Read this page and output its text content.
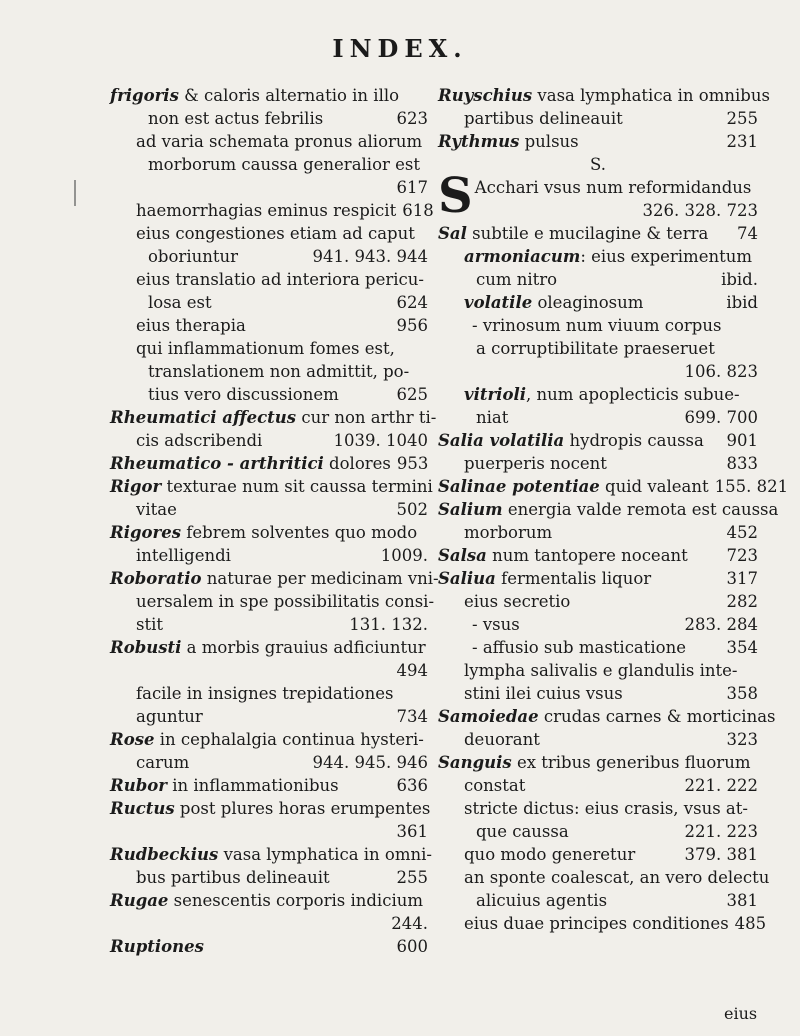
INDEX.
frigoris & caloris alternatio in illo
non est actus febrilis	623
ad varia schemata pronus aliorum
morborum caussa generalior est
617
haemorrhagias eminus respicit 618
eius congestiones etiam ad caput
oboriuntur	941. 943. 944
eius translatio ad interiora pericu-
losa est	624
eius therapia	956
qui inflammationum fomes est,
translationem non admittit, po-
tius vero discussionem	625
Rheumatici affectus cur non arthr ti-
cis adscribendi	1039. 1040
Rheumatico - arthritici dolores 953
Rigor texturae num sit caussa termini
vitae	502
Rigores febrem solventes quo modo
intelligendi	1009.
Roboratio naturae per medicinam vni-
uersalem in spe possibilitatis consi-
stit	131. 132.
Robusti a morbis grauius adficiuntur
494
facile in insignes trepidationes
aguntur	734
Rose in cephalalgia continua hysteri-
carum	944. 945. 946
Rubor in inflammationibus	636
Ructus post plures horas erumpentes
361
Rudbeckius vasa lymphatica in omni-
bus partibus delineauit	255
Rugae senescentis corporis indicium
244.
Ruptiones	600
Ruyschius vasa lymphatica in omnibus
partibus delineauit	255
Rythmus pulsus	231
S.
S Acchari vsus num reformidandus
326. 328. 723
Sal subtile e mucilagine & terra	74
armoniacum: eius experimentum
cum nitro	ibid.
volatile oleaginosum	ibid
- vrinosum num viuum corpus
a corruptibilitate praeseruet
106. 823
vitrioli, num apoplecticis subue-
niat	699. 700
Salia volatilia hydropis caussa	901
puerperis nocent	833
Salinae potentiae quid valeant 155. 821
Salium energia valde remota est caussa
morborum	452
Salsa num tantopere noceant	723
Saliua fermentalis liquor	317
eius secretio	282
- vsus	283. 284
- affusio sub masticatione	354
lympha salivalis e glandulis inte-
stini ilei cuius vsus	358
Samoiedae crudas carnes & morticinas
deuorant	323
Sanguis ex tribus generibus fluorum
constat	221. 222
stricte dictus: eius crasis, vsus at-
que caussa	221. 223
quo modo generetur	379. 381
an sponte coalescat, an vero delectu
alicuius agentis	381
eius duae principes conditiones 485
eius
